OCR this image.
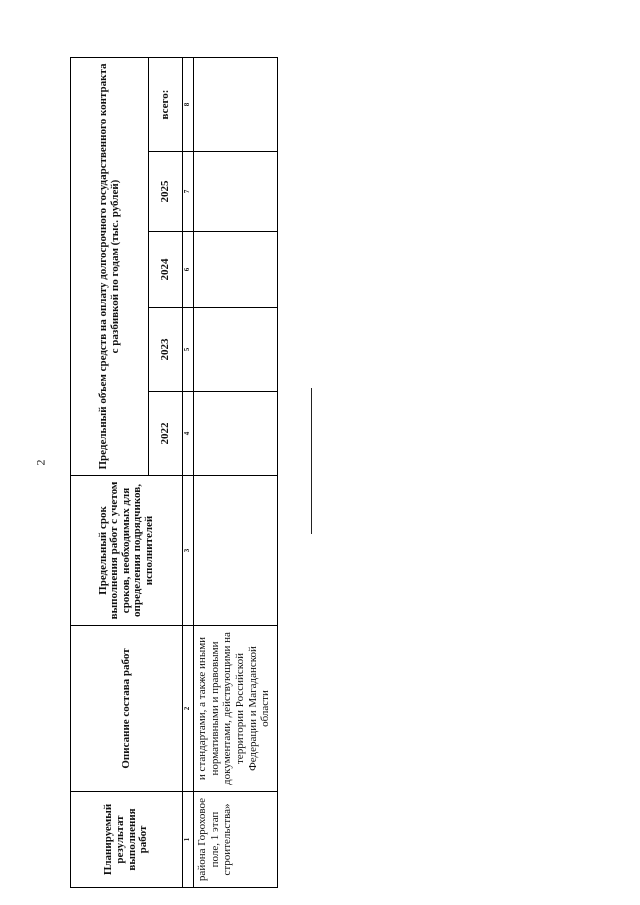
2
Планируемый результат выполнения работ	Описание состава работ	Предельный срок выполнения работ с учетом сроков, необходимых для определения подрядчиков, исполнителей	Предельный объем средств на оплату долгосрочного государственного контракта с разбивкой по годам (тыс. рублей)				
			2022	2023	2024	2025	всего:
1	2	3	4	5	6	7	8
района Гороховое поле, 1 этап строительства»	и стандартами, а также иными нормативными и правовыми документами, действующими на территории Российской Федерации и Магаданской области						
